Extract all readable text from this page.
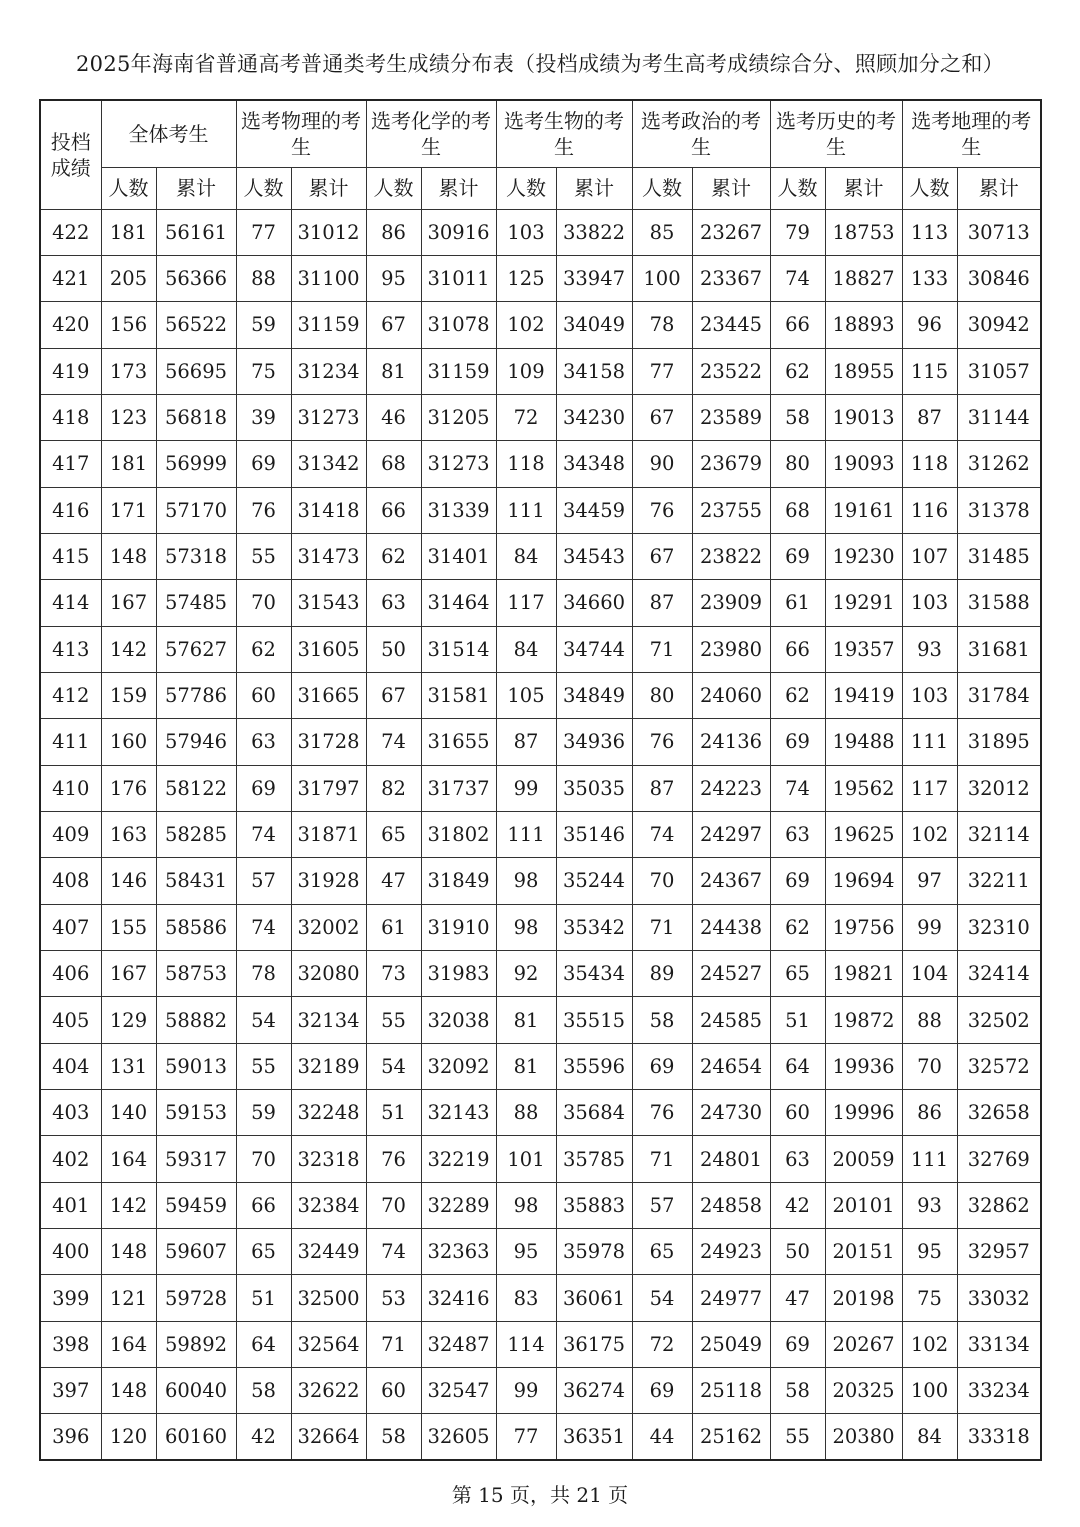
2025年海南省普通高考普通类考生成绩分布表（投档成绩为考生高考成绩综合分、照顾加分之和）
投档成绩	全体考生		选考物理的考生		选考化学的考生		选考生物的考生		选考政治的考生		选考历史的考生		选考地理的考生	

	人数	累计	人数	累计	人数	累计	人数	累计	人数	累计	人数	累计	人数	累计
422	181	56161	77	31012	86	30916	103	33822	85	23267	79	18753	113	30713
421	205	56366	88	31100	95	31011	125	33947	100	23367	74	18827	133	30846
420	156	56522	59	31159	67	31078	102	34049	78	23445	66	18893	96	30942
419	173	56695	75	31234	81	31159	109	34158	77	23522	62	18955	115	31057
418	123	56818	39	31273	46	31205	72	34230	67	23589	58	19013	87	31144
417	181	56999	69	31342	68	31273	118	34348	90	23679	80	19093	118	31262
416	171	57170	76	31418	66	31339	111	34459	76	23755	68	19161	116	31378
415	148	57318	55	31473	62	31401	84	34543	67	23822	69	19230	107	31485
414	167	57485	70	31543	63	31464	117	34660	87	23909	61	19291	103	31588
413	142	57627	62	31605	50	31514	84	34744	71	23980	66	19357	93	31681
412	159	57786	60	31665	67	31581	105	34849	80	24060	62	19419	103	31784
411	160	57946	63	31728	74	31655	87	34936	76	24136	69	19488	111	31895
410	176	58122	69	31797	82	31737	99	35035	87	24223	74	19562	117	32012
409	163	58285	74	31871	65	31802	111	35146	74	24297	63	19625	102	32114
408	146	58431	57	31928	47	31849	98	35244	70	24367	69	19694	97	32211
407	155	58586	74	32002	61	31910	98	35342	71	24438	62	19756	99	32310
406	167	58753	78	32080	73	31983	92	35434	89	24527	65	19821	104	32414
405	129	58882	54	32134	55	32038	81	35515	58	24585	51	19872	88	32502
404	131	59013	55	32189	54	32092	81	35596	69	24654	64	19936	70	32572
403	140	59153	59	32248	51	32143	88	35684	76	24730	60	19996	86	32658
402	164	59317	70	32318	76	32219	101	35785	71	24801	63	20059	111	32769
401	142	59459	66	32384	70	32289	98	35883	57	24858	42	20101	93	32862
400	148	59607	65	32449	74	32363	95	35978	65	24923	50	20151	95	32957
399	121	59728	51	32500	53	32416	83	36061	54	24977	47	20198	75	33032
398	164	59892	64	32564	71	32487	114	36175	72	25049	69	20267	102	33134
397	148	60040	58	32622	60	32547	99	36274	69	25118	58	20325	100	33234
396	120	60160	42	32664	58	32605	77	36351	44	25162	55	20380	84	33318
第 15 页，共 21 页
